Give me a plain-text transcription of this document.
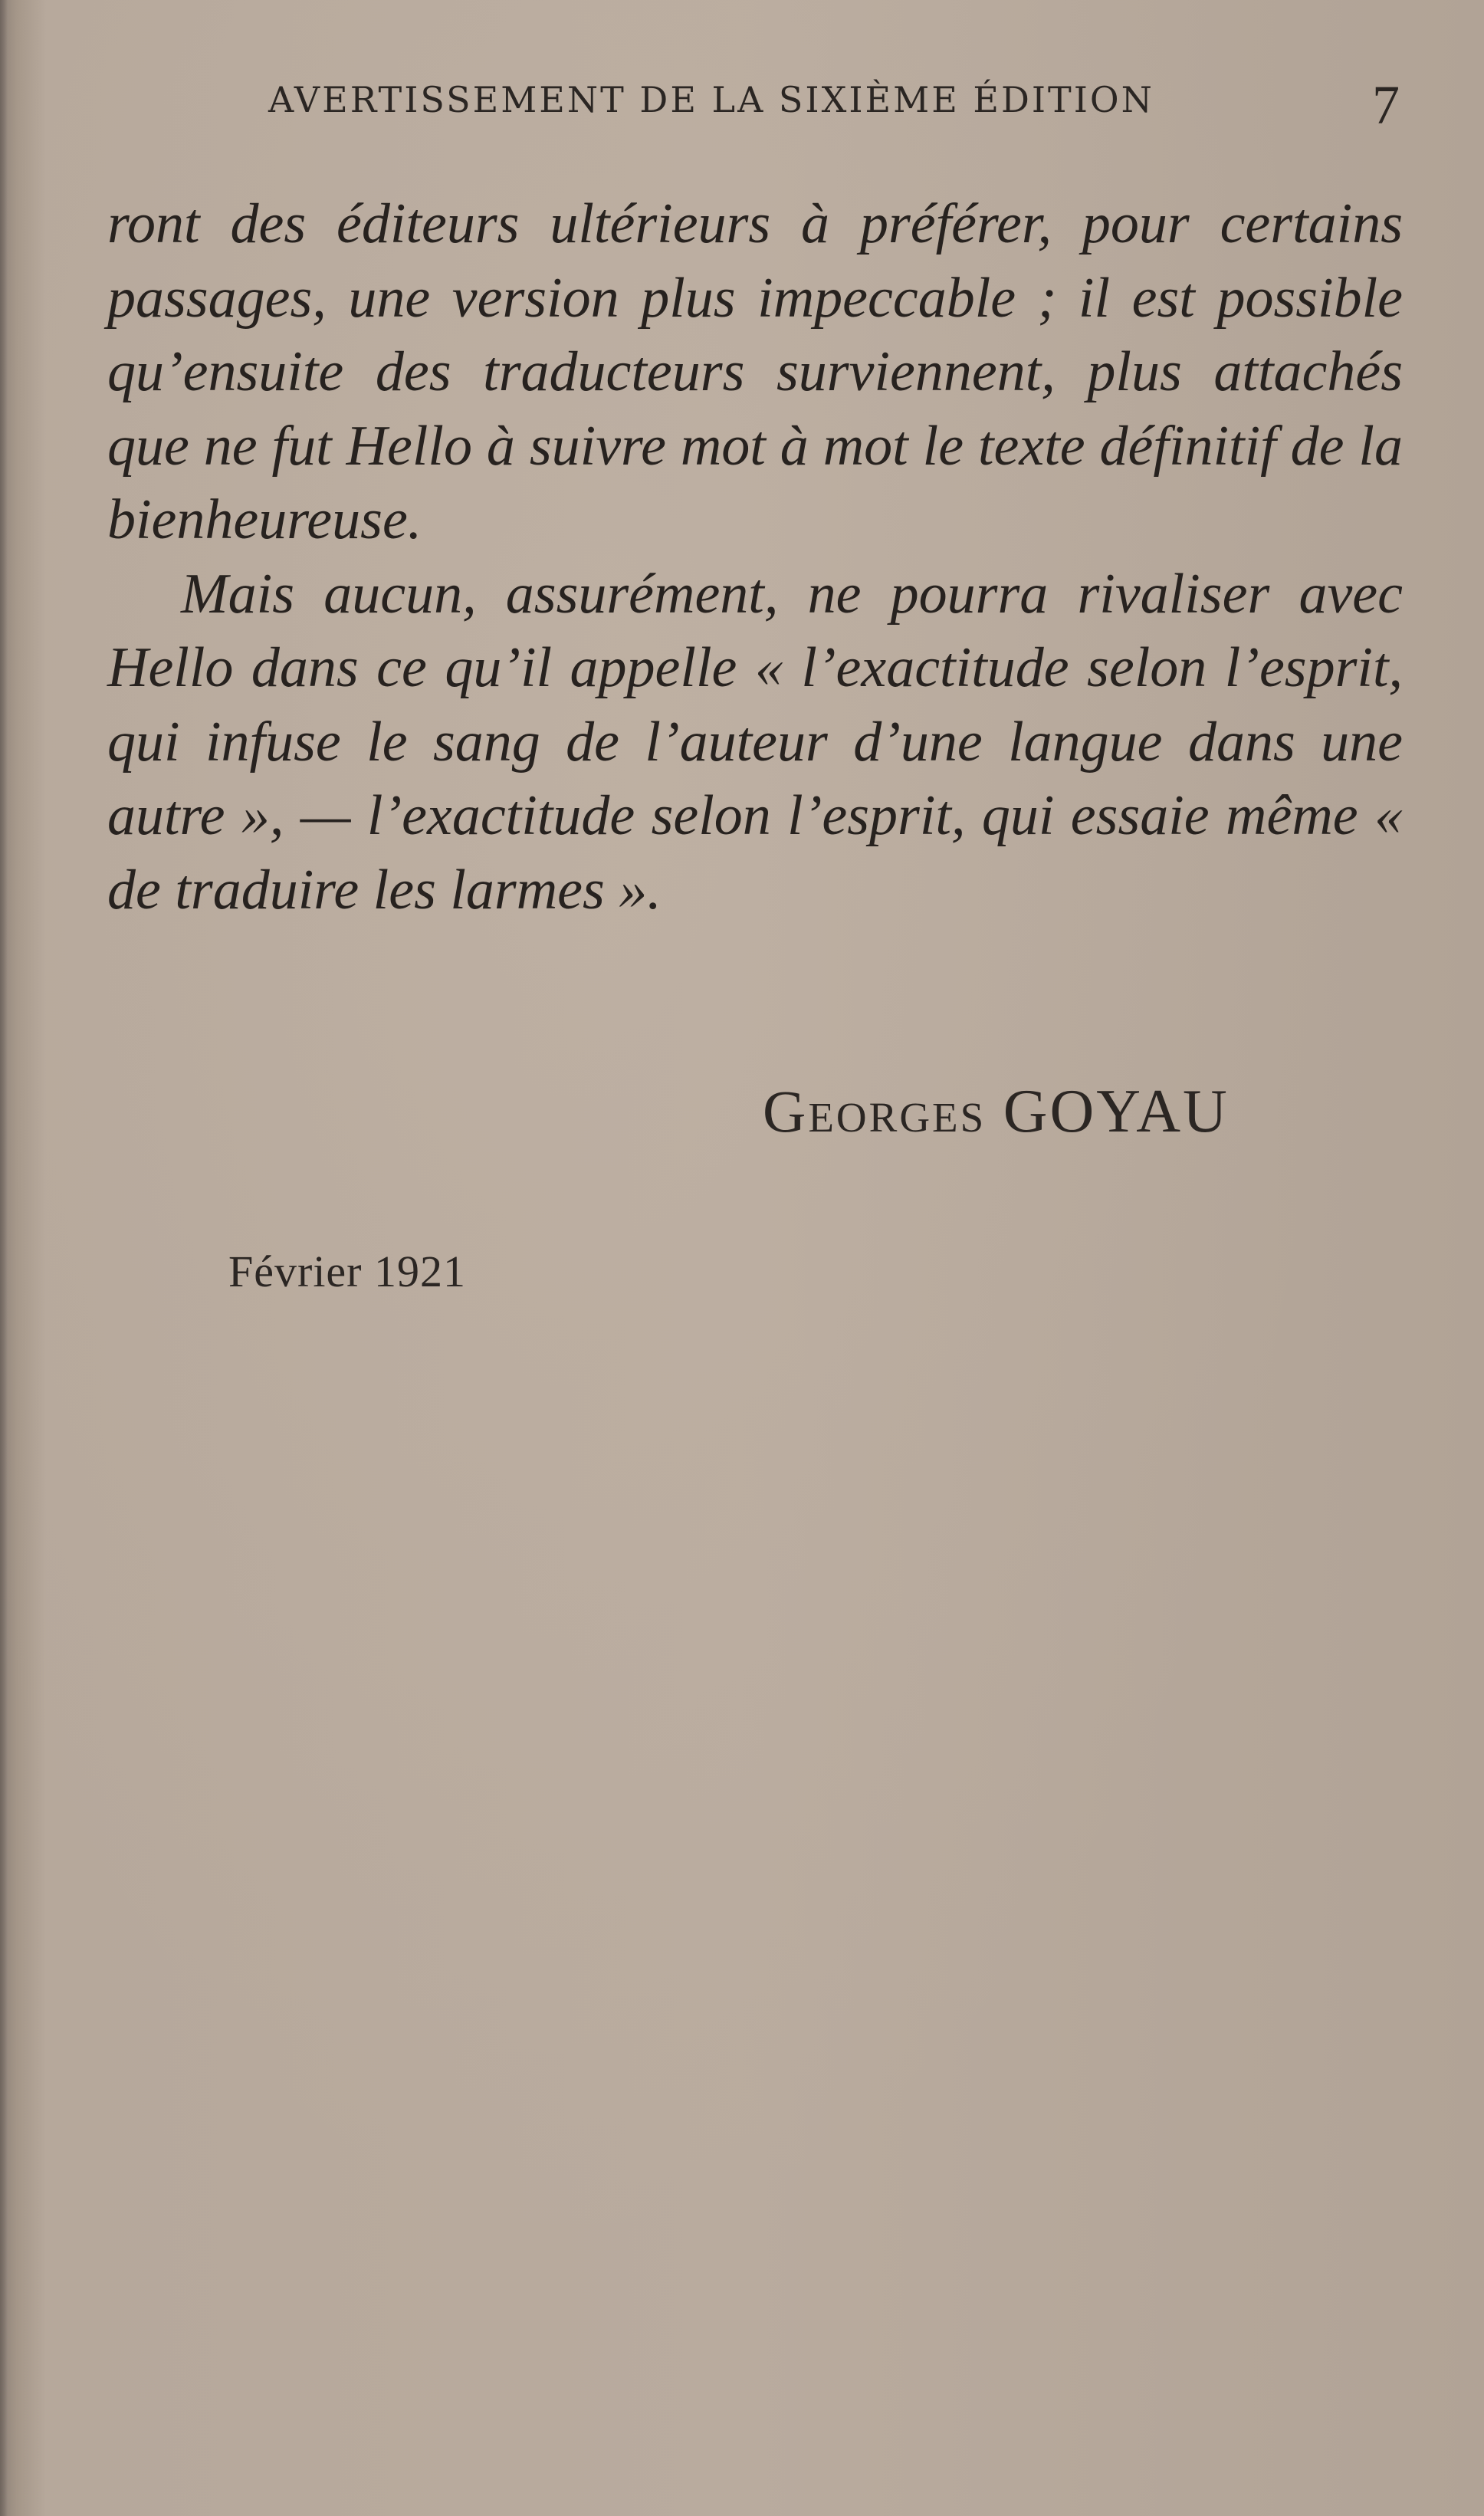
AVERTISSEMENT DE LA SIXIÈME ÉDITION	7

ront des éditeurs ultérieurs à préférer, pour certains passages, une version plus impeccable ; il est possible qu’ensuite des traducteurs surviennent, plus attachés que ne fut Hello à suivre mot à mot le texte définitif de la bienheureuse.

Mais aucun, assurément, ne pourra rivaliser avec Hello dans ce qu’il appelle « l’exactitude selon l’esprit, qui infuse le sang de l’auteur d’une langue dans une autre », — l’exactitude selon l’esprit, qui essaie même « de traduire les larmes ».

Georges GOYAU
Février 1921
